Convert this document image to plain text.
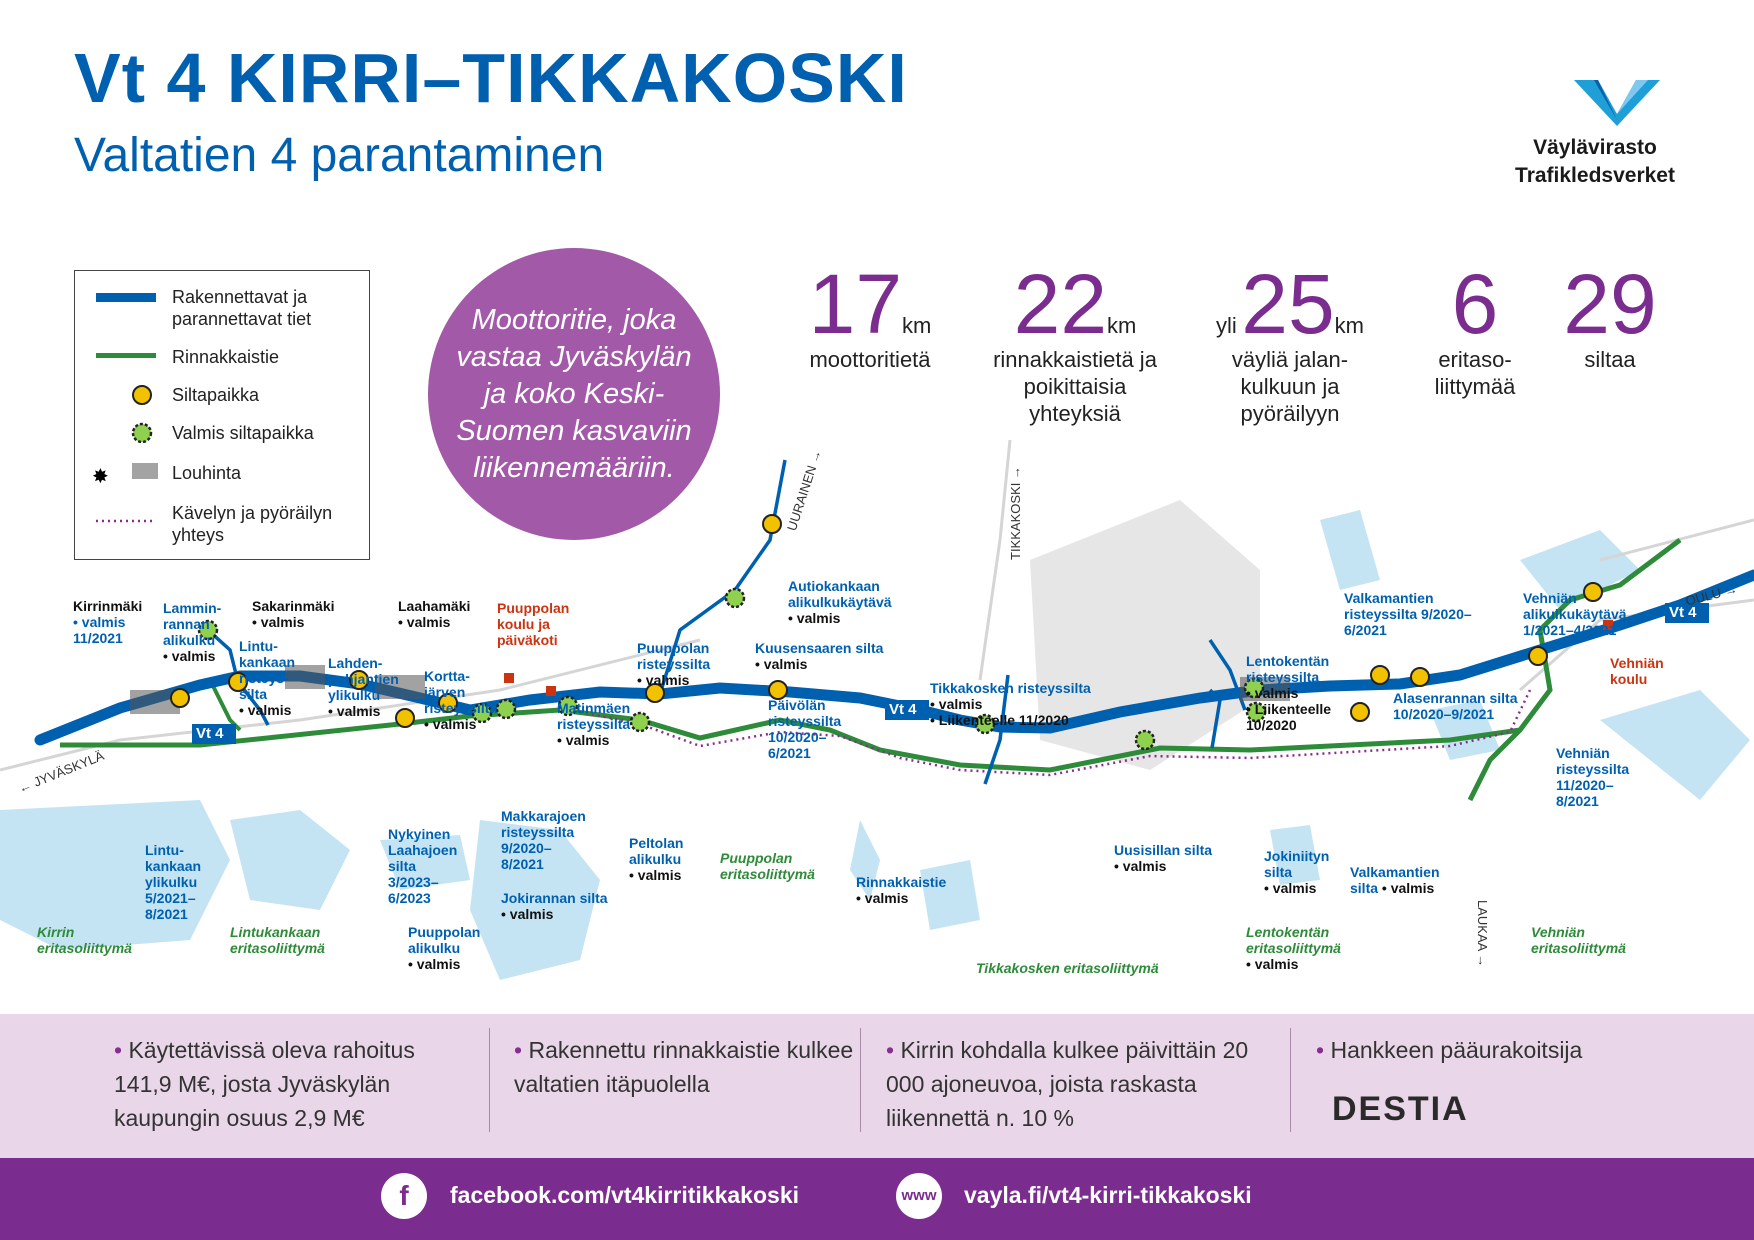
Vt 4 KIRRI–TIKKAKOSKI
Valtatien 4 parantaminen	Väylävirasto
Trafikledsverket
Vt 4
Vt 4
Vt 4
← JYVÄSKYLÄ
UURAINEN →	TIKKAKOSKI →
OULU →
LAUKAA →
✸
Rakennettavat ja parannettavat tiet
Rinnakkaistie
Siltapaikka
Valmis siltapaikka
Louhinta
Kävelyn ja pyöräilyn yhteys
Moottoritie, joka vastaa Jyväskylän ja koko Keski-Suomen kasvaviin liikennemääriin.
17km
moottoritietä
22km
rinnakkaistietä ja poikittaisia yhteyksiä
yli 25km
väyliä jalan- kulkuun ja pyöräilyyn
6
eritaso- liittymää
29
siltaa
Kirrinmäki
• valmis 11/2021
Lammin- rannan alikulku
• valmis
Sakarinmäki
• valmis
Laahamäki
• valmis
Puuppolan koulu ja päiväkoti
Lintu- kankaan risteys- silta
• valmis
Lahden- pohjantien ylikulku
• valmis
Kortta- järven risteyssilta
• valmis
Matinmäen risteyssilta
• valmis
Puuppolan risteyssilta
• valmis
Autiokankaan alikulkukäytävä
• valmis
Kuusensaaren silta
• valmis
Päivölän risteyssilta 10/2020– 6/2021
Tikkakosken risteyssilta
• valmis
• Liikenteelle 11/2020
Lentokentän risteyssilta
• valmis
• Liikenteelle 10/2020
Valkamantien risteyssilta 9/2020–6/2021
Alasenrannan silta 10/2020–9/2021
Vehniän alikulkukäytävä 1/2021–4/2021
Vehniän koulu
Vehniän risteyssilta 11/2020– 8/2021
Lintu- kankaan ylikulku 5/2021– 8/2021
Kirrin eritasoliittymä
Lintukankaan eritasoliittymä
Nykyinen Laahajoen silta 3/2023– 6/2023
Puuppolan alikulku
• valmis
Makkarajoen risteyssilta 9/2020– 8/2021
Jokirannan silta
• valmis
Peltolan alikulku
• valmis
Puuppolan eritasoliittymä	Rinnakkaistie
• valmis
Tikkakosken eritasoliittymä
Uusisillan silta
• valmis
Jokiniityn silta
• valmis
Valkamantien silta • valmis
Lentokentän eritasoliittymä
• valmis
Vehniän eritasoliittymä
• Käytettävissä oleva rahoitus 141,9 M€, josta Jyväskylän kaupungin osuus 2,9 M€
• Rakennettu rinnakkaistie kulkee valtatien itäpuolella
• Kirrin kohdalla kulkee päivittäin 20 000 ajoneuvoa, joista raskasta liikennettä n. 10 %
• Hankkeen pääurakoitsija
DESTIA
f	facebook.com/vt4kirritikkakoski	www vayla.fi/vt4-kirri-tikkakoski
